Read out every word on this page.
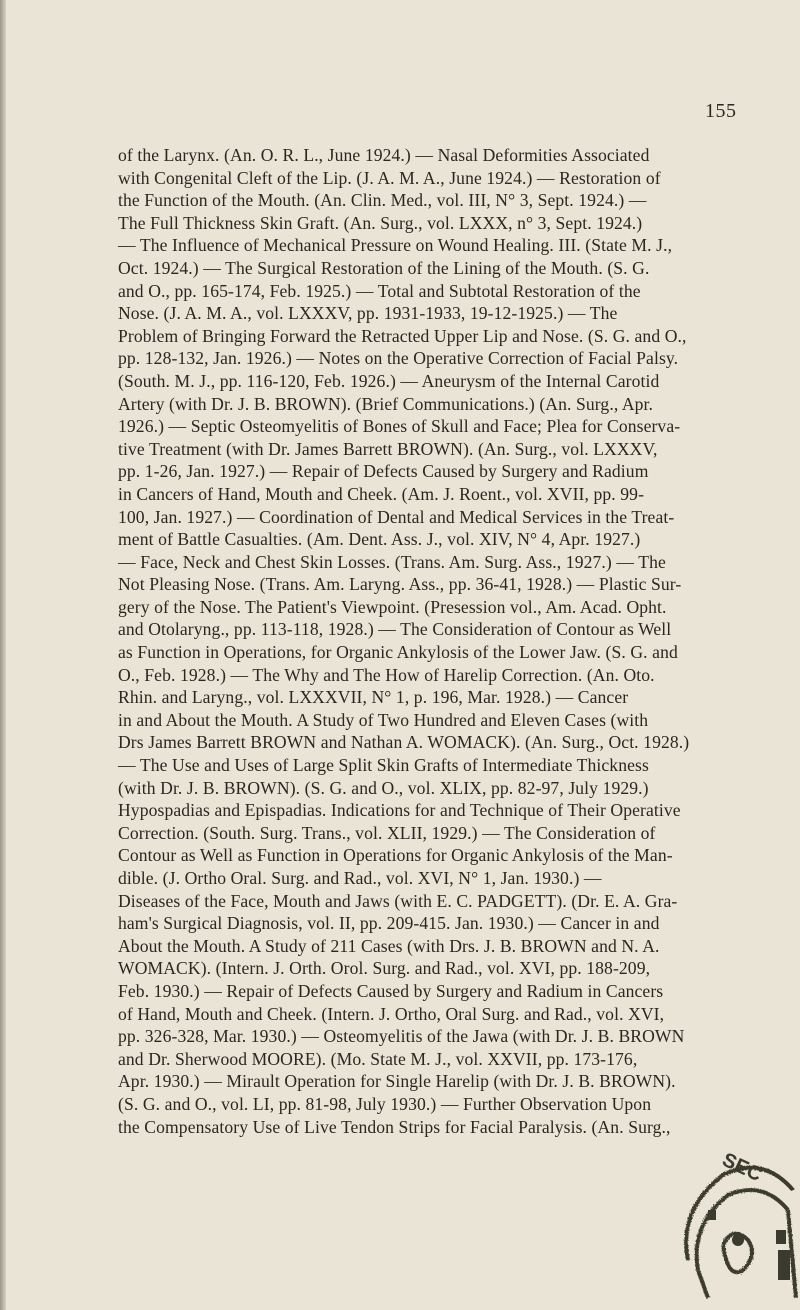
155
of the Larynx. (An. O. R. L., June 1924.) — Nasal Deformities Associated
with Congenital Cleft of the Lip. (J. A. M. A., June 1924.) — Restoration of
the Function of the Mouth. (An. Clin. Med., vol. III, N° 3, Sept. 1924.) —
The Full Thickness Skin Graft. (An. Surg., vol. LXXX, n° 3, Sept. 1924.)
— The Influence of Mechanical Pressure on Wound Healing. III. (State M. J.,
Oct. 1924.) — The Surgical Restoration of the Lining of the Mouth. (S. G.
and O., pp. 165-174, Feb. 1925.) — Total and Subtotal Restoration of the
Nose. (J. A. M. A., vol. LXXXV, pp. 1931-1933, 19-12-1925.) — The
Problem of Bringing Forward the Retracted Upper Lip and Nose. (S. G. and O.,
pp. 128-132, Jan. 1926.) — Notes on the Operative Correction of Facial Palsy.
(South. M. J., pp. 116-120, Feb. 1926.) — Aneurysm of the Internal Carotid
Artery (with Dr. J. B. BROWN). (Brief Communications.) (An. Surg., Apr.
1926.) — Septic Osteomyelitis of Bones of Skull and Face; Plea for Conserva-
tive Treatment (with Dr. James Barrett BROWN). (An. Surg., vol. LXXXV,
pp. 1-26, Jan. 1927.) — Repair of Defects Caused by Surgery and Radium
in Cancers of Hand, Mouth and Cheek. (Am. J. Roent., vol. XVII, pp. 99-
100, Jan. 1927.) — Coordination of Dental and Medical Services in the Treat-
ment of Battle Casualties. (Am. Dent. Ass. J., vol. XIV, N° 4, Apr. 1927.)
— Face, Neck and Chest Skin Losses. (Trans. Am. Surg. Ass., 1927.) — The
Not Pleasing Nose. (Trans. Am. Laryng. Ass., pp. 36-41, 1928.) — Plastic Sur-
gery of the Nose. The Patient's Viewpoint. (Presession vol., Am. Acad. Opht.
and Otolaryng., pp. 113-118, 1928.) — The Consideration of Contour as Well
as Function in Operations, for Organic Ankylosis of the Lower Jaw. (S. G. and
O., Feb. 1928.) — The Why and The How of Harelip Correction. (An. Oto.
Rhin. and Laryng., vol. LXXXVII, N° 1, p. 196, Mar. 1928.) — Cancer
in and About the Mouth. A Study of Two Hundred and Eleven Cases (with
Drs James Barrett BROWN and Nathan A. WOMACK). (An. Surg., Oct. 1928.)
— The Use and Uses of Large Split Skin Grafts of Intermediate Thickness
(with Dr. J. B. BROWN). (S. G. and O., vol. XLIX, pp. 82-97, July 1929.)
Hypospadias and Epispadias. Indications for and Technique of Their Operative
Correction. (South. Surg. Trans., vol. XLII, 1929.) — The Consideration of
Contour as Well as Function in Operations for Organic Ankylosis of the Man-
dible. (J. Ortho Oral. Surg. and Rad., vol. XVI, N° 1, Jan. 1930.) —
Diseases of the Face, Mouth and Jaws (with E. C. PADGETT). (Dr. E. A. Gra-
ham's Surgical Diagnosis, vol. II, pp. 209-415. Jan. 1930.) — Cancer in and
About the Mouth. A Study of 211 Cases (with Drs. J. B. BROWN and N. A.
WOMACK). (Intern. J. Orth. Orol. Surg. and Rad., vol. XVI, pp. 188-209,
Feb. 1930.) — Repair of Defects Caused by Surgery and Radium in Cancers
of Hand, Mouth and Cheek. (Intern. J. Ortho, Oral Surg. and Rad., vol. XVI,
pp. 326-328, Mar. 1930.) — Osteomyelitis of the Jawa (with Dr. J. B. BROWN
and Dr. Sherwood MOORE). (Mo. State M. J., vol. XXVII, pp. 173-176,
Apr. 1930.) — Mirault Operation for Single Harelip (with Dr. J. B. BROWN).
(S. G. and O., vol. LI, pp. 81-98, July 1930.) — Further Observation Upon
the Compensatory Use of Live Tendon Strips for Facial Paralysis. (An. Surg.,
SEC
